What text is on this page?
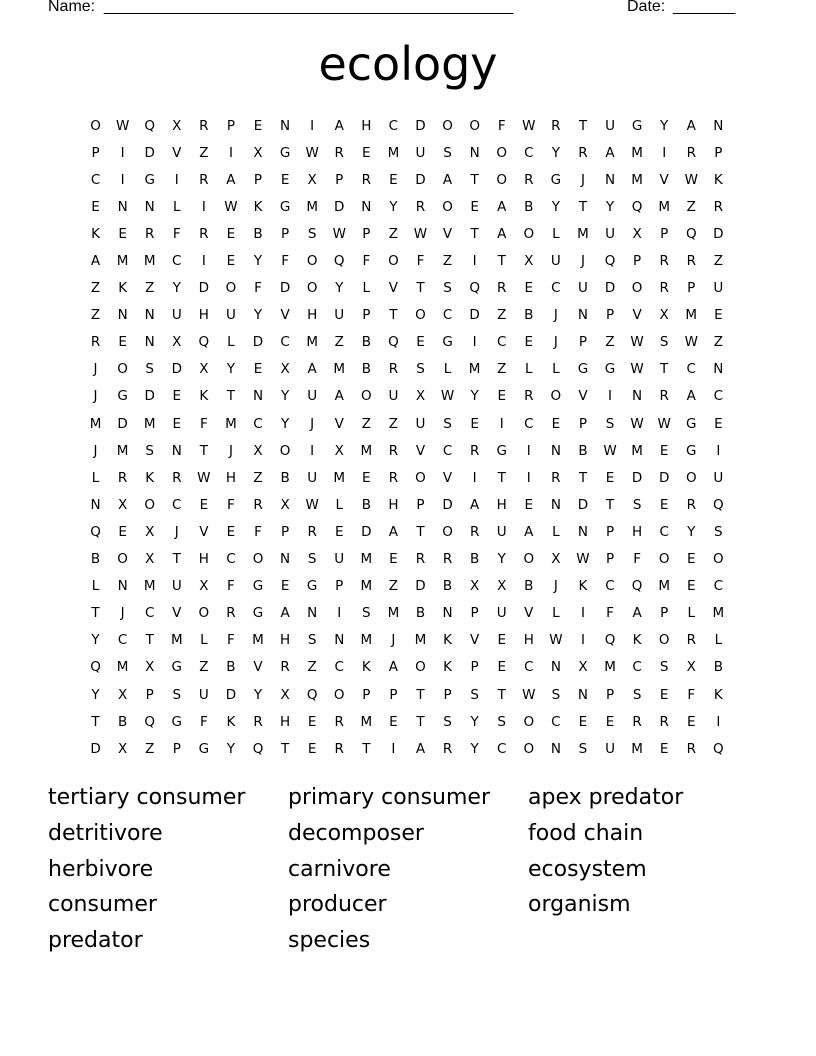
Name: ______________________________________________	Date: _______
ecology
O	W	Q	X	R	P	E	N	I	A	H	C	D	O	O	F	W	R	T	U	G	Y	A	N
P	I	D	V	Z	I	X	G	W	R	E	M	U	S	N	O	C	Y	R	A	M	I	R	P
C	I	G	I	R	A	P	E	X	P	R	E	D	A	T	O	R	G	J	N	M	V	W	K
E	N	N	L	I	W	K	G	M	D	N	Y	R	O	E	A	B	Y	T	Y	Q	M	Z	R
K	E	R	F	R	E	B	P	S	W	P	Z	W	V	T	A	O	L	M	U	X	P	Q	D
A	M	M	C	I	E	Y	F	O	Q	F	O	F	Z	I	T	X	U	J	Q	P	R	R	Z
Z	K	Z	Y	D	O	F	D	O	Y	L	V	T	S	Q	R	E	C	U	D	O	R	P	U
Z	N	N	U	H	U	Y	V	H	U	P	T	O	C	D	Z	B	J	N	P	V	X	M	E
R	E	N	X	Q	L	D	C	M	Z	B	Q	E	G	I	C	E	J	P	Z	W	S	W	Z
J	O	S	D	X	Y	E	X	A	M	B	R	S	L	M	Z	L	L	G	G	W	T	C	N
J	G	D	E	K	T	N	Y	U	A	O	U	X	W	Y	E	R	O	V	I	N	R	A	C
M	D	M	E	F	M	C	Y	J	V	Z	Z	U	S	E	I	C	E	P	S	W	W	G	E
J	M	S	N	T	J	X	O	I	X	M	R	V	C	R	G	I	N	B	W	M	E	G	I
L	R	K	R	W	H	Z	B	U	M	E	R	O	V	I	T	I	R	T	E	D	D	O	U
N	X	O	C	E	F	R	X	W	L	B	H	P	D	A	H	E	N	D	T	S	E	R	Q
Q	E	X	J	V	E	F	P	R	E	D	A	T	O	R	U	A	L	N	P	H	C	Y	S
B	O	X	T	H	C	O	N	S	U	M	E	R	R	B	Y	O	X	W	P	F	O	E	O
L	N	M	U	X	F	G	E	G	P	M	Z	D	B	X	X	B	J	K	C	Q	M	E	C
T	J	C	V	O	R	G	A	N	I	S	M	B	N	P	U	V	L	I	F	A	P	L	M
Y	C	T	M	L	F	M	H	S	N	M	J	M	K	V	E	H	W	I	Q	K	O	R	L
Q	M	X	G	Z	B	V	R	Z	C	K	A	O	K	P	E	C	N	X	M	C	S	X	B
Y	X	P	S	U	D	Y	X	Q	O	P	P	T	P	S	T	W	S	N	P	S	E	F	K
T	B	Q	G	F	K	R	H	E	R	M	E	T	S	Y	S	O	C	E	E	R	R	E	I
D	X	Z	P	G	Y	Q	T	E	R	T	I	A	R	Y	C	O	N	S	U	M	E	R	Q
tertiary consumer	primary consumer	apex predator
detritivore	decomposer	food chain
herbivore	carnivore	ecosystem
consumer	producer	organism
predator	species
